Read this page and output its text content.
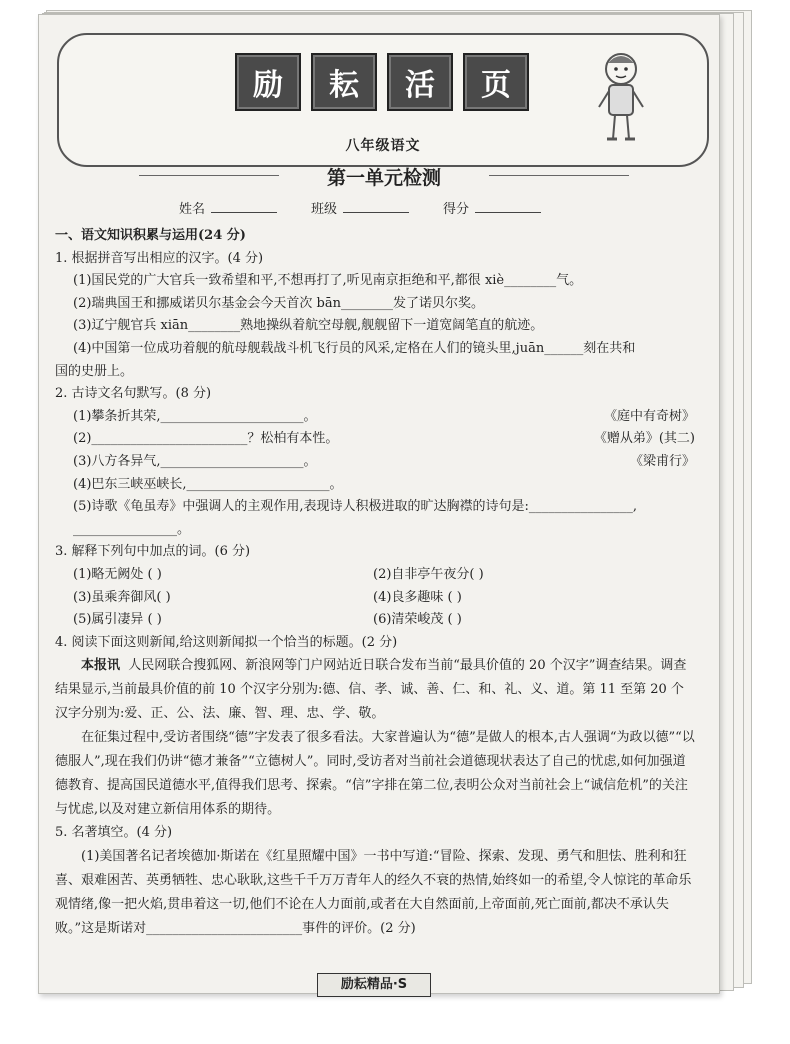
励	耘	活	页
八年级语文
第一单元检测
姓名	班级	得分
一、语文知识积累与运用(24 分)
1. 根据拼音写出相应的汉字。(4 分)
(1)国民党的广大官兵一致希望和平,不想再打了,听见南京拒绝和平,都很 xiè________气。
(2)瑞典国王和挪威诺贝尔基金会今天首次 bān________发了诺贝尔奖。
(3)辽宁舰官兵 xiān________熟地操纵着航空母舰,舰舰留下一道宽阔笔直的航迹。
(4)中国第一位成功着舰的航母舰载战斗机飞行员的风采,定格在人们的镜头里,juān______刻在共和
国的史册上。
2. 古诗文名句默写。(8 分)
(1)攀条折其荣,______________________。	《庭中有奇树》
(2)________________________？松柏有本性。	《赠从弟》(其二)
(3)八方各异气,______________________。	《梁甫行》
(4)巴东三峡巫峡长,______________________。
(5)诗歌《龟虽寿》中强调人的主观作用,表现诗人积极进取的旷达胸襟的诗句是:________________,
________________。
3. 解释下列句中加点的词。(6 分)
(1)略无阙处 ( )	(2)自非亭午夜分( )
(3)虽乘奔御风( )	(4)良多趣味 ( )
(5)属引凄异 ( )	(6)清荣峻茂 ( )
4. 阅读下面这则新闻,给这则新闻拟一个恰当的标题。(2 分)
本报讯 人民网联合搜狐网、新浪网等门户网站近日联合发布当前“最具价值的 20 个汉字”调查结果。调查结果显示,当前最具价值的前 10 个汉字分别为:德、信、孝、诚、善、仁、和、礼、义、道。第 11 至第 20 个汉字分别为:爱、正、公、法、廉、智、理、忠、学、敬。
在征集过程中,受访者围绕“德”字发表了很多看法。大家普遍认为“德”是做人的根本,古人强调“为政以德”“以德服人”,现在我们仍讲“德才兼备”“立德树人”。同时,受访者对当前社会道德现状表达了自己的忧虑,如何加强道德教育、提高国民道德水平,值得我们思考、探索。“信”字排在第二位,表明公众对当前社会上“诚信危机”的关注与忧虑,以及对建立新信用体系的期待。
5. 名著填空。(4 分)
(1)美国著名记者埃德加·斯诺在《红星照耀中国》一书中写道:“冒险、探索、发现、勇气和胆怯、胜利和狂喜、艰难困苦、英勇牺牲、忠心耿耿,这些千千万万青年人的经久不衰的热情,始终如一的希望,令人惊诧的革命乐观情绪,像一把火焰,贯串着这一切,他们不论在人力面前,或者在大自然面前,上帝面前,死亡面前,都决不承认失败。”这是斯诺对________________________事件的评价。(2 分)
励耘精品·S
